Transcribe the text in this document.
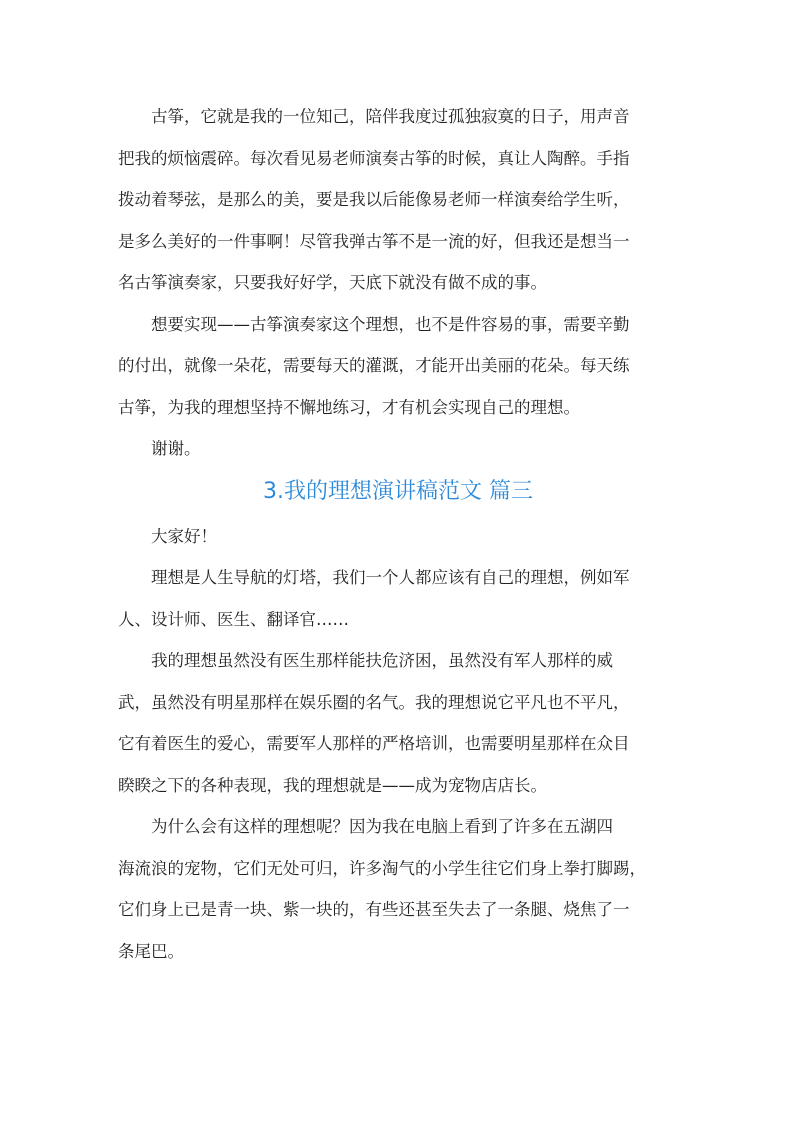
古筝，它就是我的一位知己，陪伴我度过孤独寂寞的日子，用声音
把我的烦恼震碎。每次看见易老师演奏古筝的时候，真让人陶醉。手指
拨动着琴弦，是那么的美，要是我以后能像易老师一样演奏给学生听，
是多么美好的一件事啊！尽管我弹古筝不是一流的好，但我还是想当一
名古筝演奏家，只要我好好学，天底下就没有做不成的事。

想要实现——古筝演奏家这个理想，也不是件容易的事，需要辛勤
的付出，就像一朵花，需要每天的灌溉，才能开出美丽的花朵。每天练
古筝，为我的理想坚持不懈地练习，才有机会实现自己的理想。

谢谢。

3.我的理想演讲稿范文 篇三

大家好！

理想是人生导航的灯塔，我们一个人都应该有自己的理想，例如军
人、设计师、医生、翻译官……

我的理想虽然没有医生那样能扶危济困，虽然没有军人那样的威
武，虽然没有明星那样在娱乐圈的名气。我的理想说它平凡也不平凡，
它有着医生的爱心，需要军人那样的严格培训，也需要明星那样在众目
睽睽之下的各种表现，我的理想就是——成为宠物店店长。

为什么会有这样的理想呢？因为我在电脑上看到了许多在五湖四
海流浪的宠物，它们无处可归，许多淘气的小学生往它们身上拳打脚踢，
它们身上已是青一块、紫一块的，有些还甚至失去了一条腿、烧焦了一
条尾巴。
